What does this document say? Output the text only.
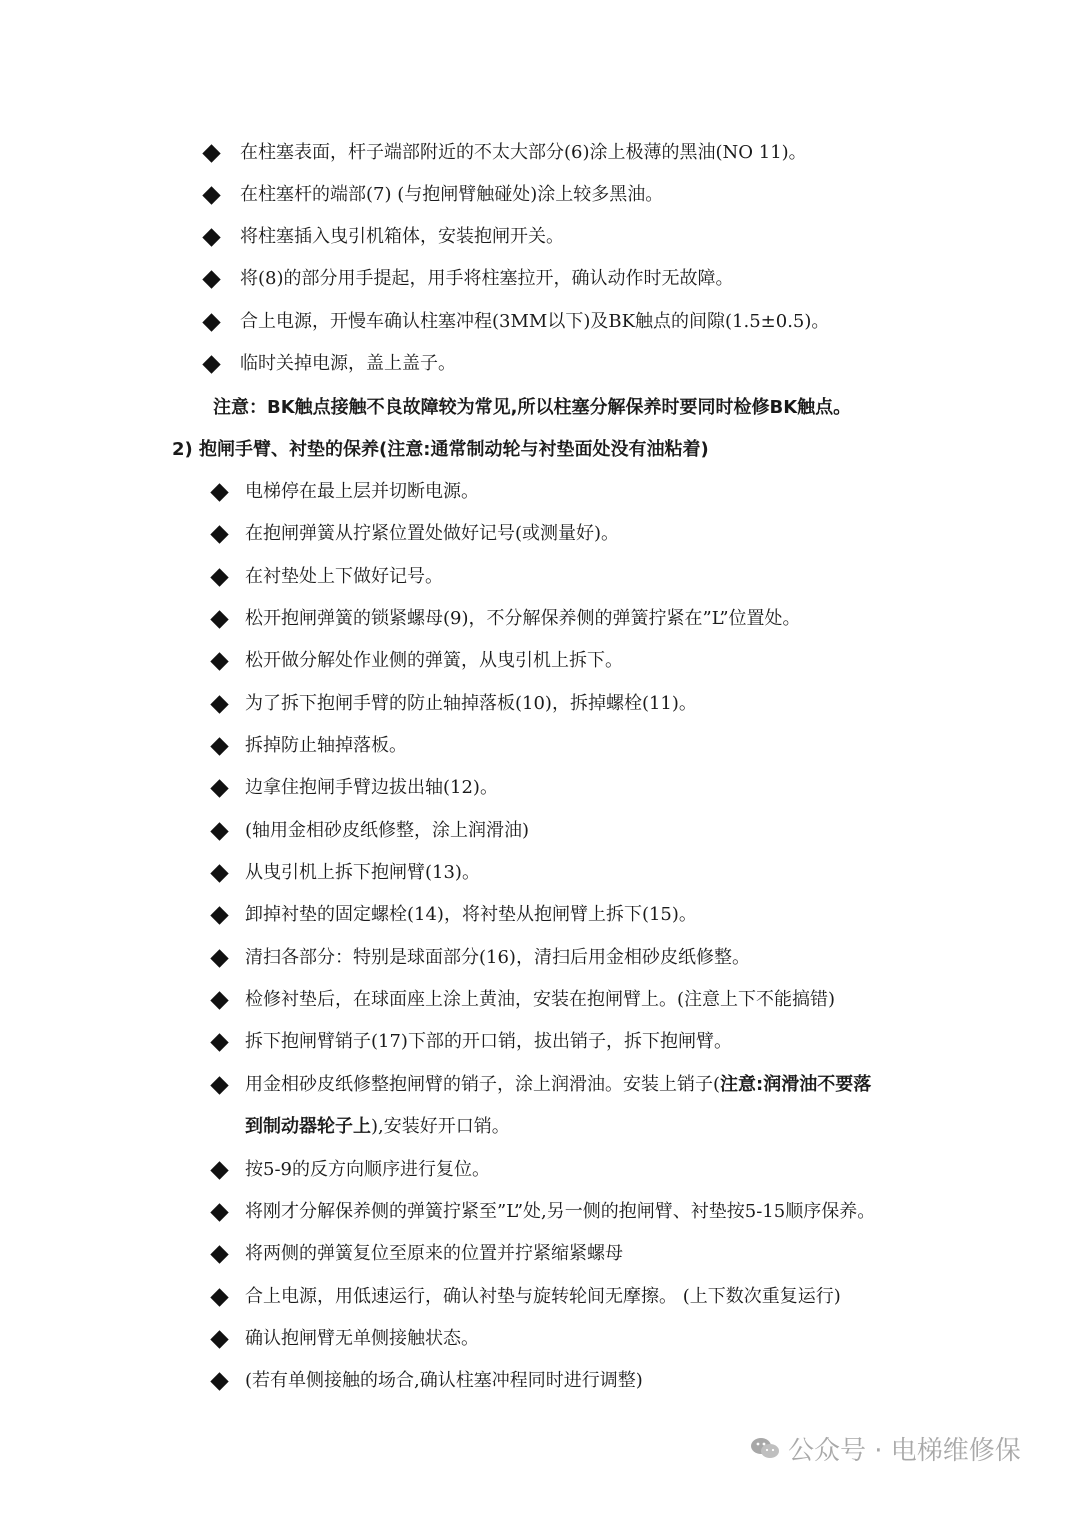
在柱塞表面，杆子端部附近的不太大部分(6)涂上极薄的黑油(NO 11)。
在柱塞杆的端部(7) (与抱闸臂触碰处)涂上较多黑油。
将柱塞插入曳引机箱体，安装抱闸开关。
将(8)的部分用手提起，用手将柱塞拉开，确认动作时无故障。
合上电源，开慢车确认柱塞冲程(3MM以下)及BK触点的间隙(1.5±0.5)。
临时关掉电源，盖上盖子。
注意：BK触点接触不良故障较为常见,所以柱塞分解保养时要同时检修BK触点。
2) 抱闸手臂、衬垫的保养(注意:通常制动轮与衬垫面处没有油粘着)
电梯停在最上层并切断电源。
在抱闸弹簧从拧紧位置处做好记号(或测量好)。
在衬垫处上下做好记号。
松开抱闸弹簧的锁紧螺母(9)，不分解保养侧的弹簧拧紧在”L”位置处。
松开做分解处作业侧的弹簧，从曳引机上拆下。
为了拆下抱闸手臂的防止轴掉落板(10)，拆掉螺栓(11)。
拆掉防止轴掉落板。
边拿住抱闸手臂边拔出轴(12)。
(轴用金相砂皮纸修整，涂上润滑油)
从曳引机上拆下抱闸臂(13)。
卸掉衬垫的固定螺栓(14)，将衬垫从抱闸臂上拆下(15)。
清扫各部分：特别是球面部分(16)，清扫后用金相砂皮纸修整。
检修衬垫后，在球面座上涂上黄油，安装在抱闸臂上。(注意上下不能搞错)
拆下抱闸臂销子(17)下部的开口销，拔出销子，拆下抱闸臂。
用金相砂皮纸修整抱闸臂的销子，涂上润滑油。安装上销子(注意:润滑油不要落
到制动器轮子上),安装好开口销。
按5-9的反方向顺序进行复位。
将刚才分解保养侧的弹簧拧紧至”L”处,另一侧的抱闸臂、衬垫按5-15顺序保养。
将两侧的弹簧复位至原来的位置并拧紧缩紧螺母
合上电源，用低速运行，确认衬垫与旋转轮间无摩擦。 (上下数次重复运行)
确认抱闸臂无单侧接触状态。
(若有单侧接触的场合,确认柱塞冲程同时进行调整)
公众号 · 电梯维修保
